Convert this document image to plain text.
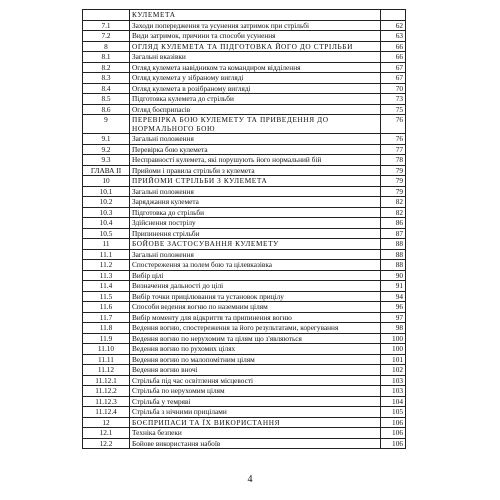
	КУЛЕМЕТА	
7.1	Заходи попередження та усунення затримок при стрільбі	62
7.2	Види затримок, причини та способи усунення	63
8	ОГЛЯД КУЛЕМЕТА ТА ПІДГОТОВКА ЙОГО ДО СТРІЛЬБИ	66
8.1	Загальні вказівки	66
8.2	Огляд кулемета навідником та командиром відділення	67
8.3	Огляд кулемета у зібраному вигляді	67
8.4	Огляд кулемета в розібраному вигляді	70
8.5	Підготовка кулемета до стрільби	73
8.6	Огляд боєприпасів	75
9	ПЕРЕВІРКА БОЮ КУЛЕМЕТУ ТА ПРИВЕДЕННЯ ДО НОРМАЛЬНОГО БОЮ	76
9.1	Загальні положення	76
9.2	Перевірка бою кулемета	77
9.3	Несправності кулемета, які порушують його нормальний бій	78
ГЛАВА ІІ	Прийоми і правила стрільби з кулемета	79
10	ПРИЙОМИ СТРІЛЬБИ З КУЛЕМЕТА	79
10.1	Загальні положення	79
10.2	Заряджання кулемета	82
10.3	Підготовка до стрільби	82
10.4	Здійснення пострілу	86
10.5	Припинення стрільби	87
11	БОЙОВЕ ЗАСТОСУВАННЯ КУЛЕМЕТУ	88
11.1	Загальні положення	88
11.2	Спостереження за полем бою та цілевказівка	88
11.3	Вибір цілі	90
11.4	Визначення дальності до цілі	91
11.5	Вибір точки прицілювання та установок прицілу	94
11.6	Способи ведення вогню по наземним цілям	96
11.7	Вибір моменту для відкриття та припинення вогню	97
11.8	Ведення вогню, спостереження за його результатами, корегування	98
11.9	Ведення вогню по нерухомим та цілям що з'являються	100
11.10	Ведення вогню по рухомих цілях	100
11.11	Ведення вогню по малопомітним цілям	101
11.12	Ведення вогню вночі	102
11.12.1	Стрільба під час освітлення місцевості	103
11.12.2	Стрільба по нерухомим цілям	103
11.12.3	Стрільба у темряві	104
11.12.4	Стрільба з нічними прицілами	105
12	БОЄПРИПАСИ ТА ЇХ ВИКОРИСТАННЯ	106
12.1	Техніка безпеки	106
12.2	Бойове використання набоїв	106
4
